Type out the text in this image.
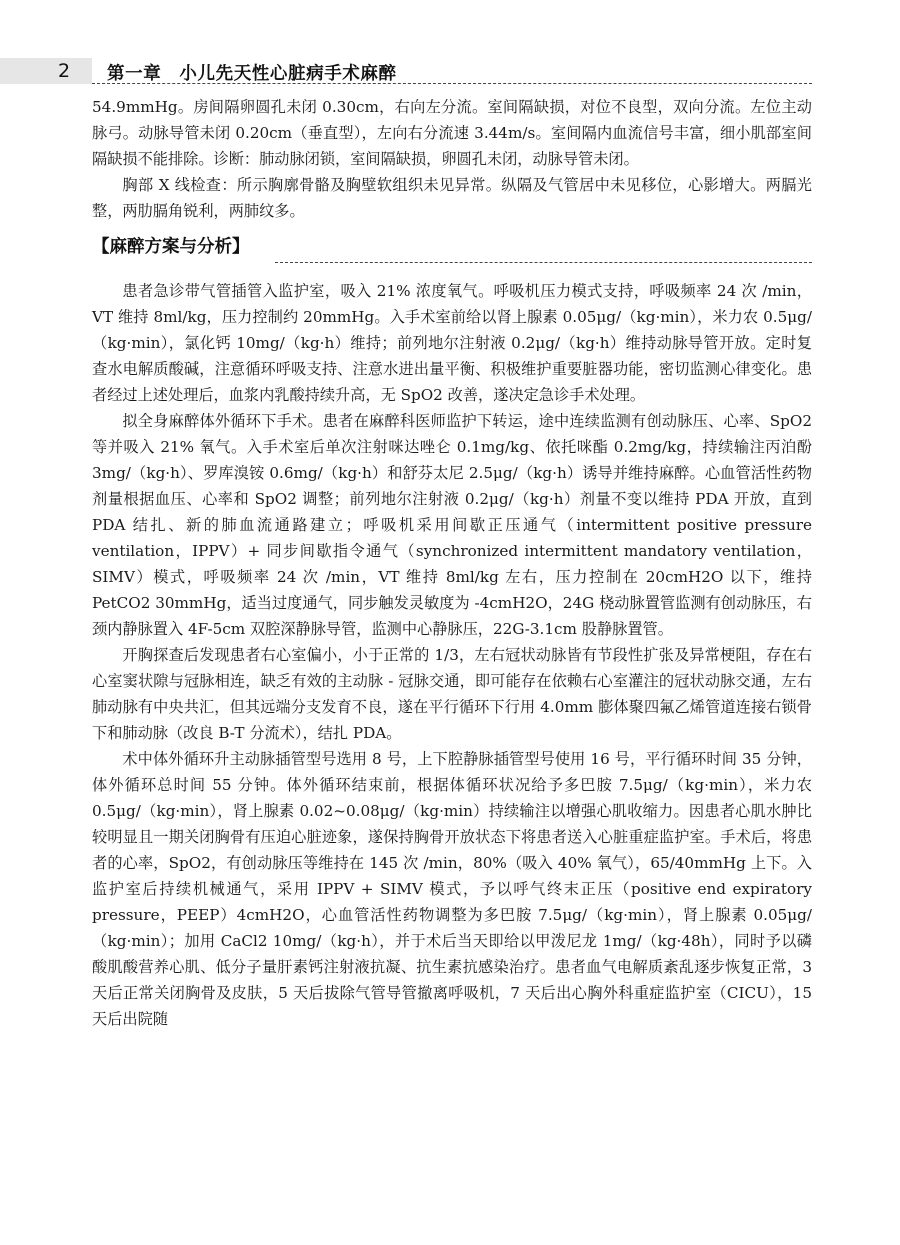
2 第一章　小儿先天性心脏病手术麻醉

54.9mmHg。房间隔卵圆孔未闭 0.30cm，右向左分流。室间隔缺损，对位不良型，双向分流。左位主动脉弓。动脉导管未闭 0.20cm（垂直型），左向右分流速 3.44m/s。室间隔内血流信号丰富，细小肌部室间隔缺损不能排除。诊断：肺动脉闭锁，室间隔缺损，卵圆孔未闭，动脉导管未闭。

胸部 X 线检查：所示胸廓骨骼及胸壁软组织未见异常。纵隔及气管居中未见移位，心影增大。两膈光整，两肋膈角锐利，两肺纹多。

【麻醉方案与分析】

患者急诊带气管插管入监护室，吸入 21% 浓度氧气。呼吸机压力模式支持，呼吸频率 24 次 /min，VT 维持 8ml/kg，压力控制约 20mmHg。入手术室前给以肾上腺素 0.05μg/（kg·min），米力农 0.5μg/（kg·min），氯化钙 10mg/（kg·h）维持；前列地尔注射液 0.2μg/（kg·h）维持动脉导管开放。定时复查水电解质酸碱，注意循环呼吸支持、注意水进出量平衡、积极维护重要脏器功能，密切监测心律变化。患者经过上述处理后，血浆内乳酸持续升高，无 SpO2 改善，遂决定急诊手术处理。

拟全身麻醉体外循环下手术。患者在麻醉科医师监护下转运，途中连续监测有创动脉压、心率、SpO2 等并吸入 21% 氧气。入手术室后单次注射咪达唑仑 0.1mg/kg、依托咪酯 0.2mg/kg，持续输注丙泊酚 3mg/（kg·h）、罗库溴铵 0.6mg/（kg·h）和舒芬太尼 2.5μg/（kg·h）诱导并维持麻醉。心血管活性药物剂量根据血压、心率和 SpO2 调整；前列地尔注射液 0.2μg/（kg·h）剂量不变以维持 PDA 开放，直到 PDA 结扎、新的肺血流通路建立；呼吸机采用间歇正压通气（intermittent positive pressure ventilation，IPPV）+ 同步间歇指令通气（synchronized intermittent mandatory ventilation，SIMV）模式，呼吸频率 24 次 /min，VT 维持 8ml/kg 左右，压力控制在 20cmH2O 以下，维持 PetCO2 30mmHg，适当过度通气，同步触发灵敏度为 -4cmH2O，24G 桡动脉置管监测有创动脉压，右颈内静脉置入 4F-5cm 双腔深静脉导管，监测中心静脉压，22G-3.1cm 股静脉置管。

开胸探查后发现患者右心室偏小，小于正常的 1/3，左右冠状动脉皆有节段性扩张及异常梗阻，存在右心室窦状隙与冠脉相连，缺乏有效的主动脉 - 冠脉交通，即可能存在依赖右心室灌注的冠状动脉交通，左右肺动脉有中央共汇，但其远端分支发育不良，遂在平行循环下行用 4.0mm 膨体聚四氟乙烯管道连接右锁骨下和肺动脉（改良 B-T 分流术），结扎 PDA。

术中体外循环升主动脉插管型号选用 8 号，上下腔静脉插管型号使用 16 号，平行循环时间 35 分钟，体外循环总时间 55 分钟。体外循环结束前，根据体循环状况给予多巴胺 7.5μg/（kg·min），米力农 0.5μg/（kg·min），肾上腺素 0.02~0.08μg/（kg·min）持续输注以增强心肌收缩力。因患者心肌水肿比较明显且一期关闭胸骨有压迫心脏迹象，遂保持胸骨开放状态下将患者送入心脏重症监护室。手术后，将患者的心率，SpO2，有创动脉压等维持在 145 次 /min，80%（吸入 40% 氧气），65/40mmHg 上下。入监护室后持续机械通气，采用 IPPV + SIMV 模式，予以呼气终末正压（positive end expiratory pressure，PEEP）4cmH2O，心血管活性药物调整为多巴胺 7.5μg/（kg·min），肾上腺素 0.05μg/（kg·min）；加用 CaCl2 10mg/（kg·h），并于术后当天即给以甲泼尼龙 1mg/（kg·48h），同时予以磷酸肌酸营养心肌、低分子量肝素钙注射液抗凝、抗生素抗感染治疗。患者血气电解质紊乱逐步恢复正常，3 天后正常关闭胸骨及皮肤，5 天后拔除气管导管撤离呼吸机，7 天后出心胸外科重症监护室（CICU），15 天后出院随
